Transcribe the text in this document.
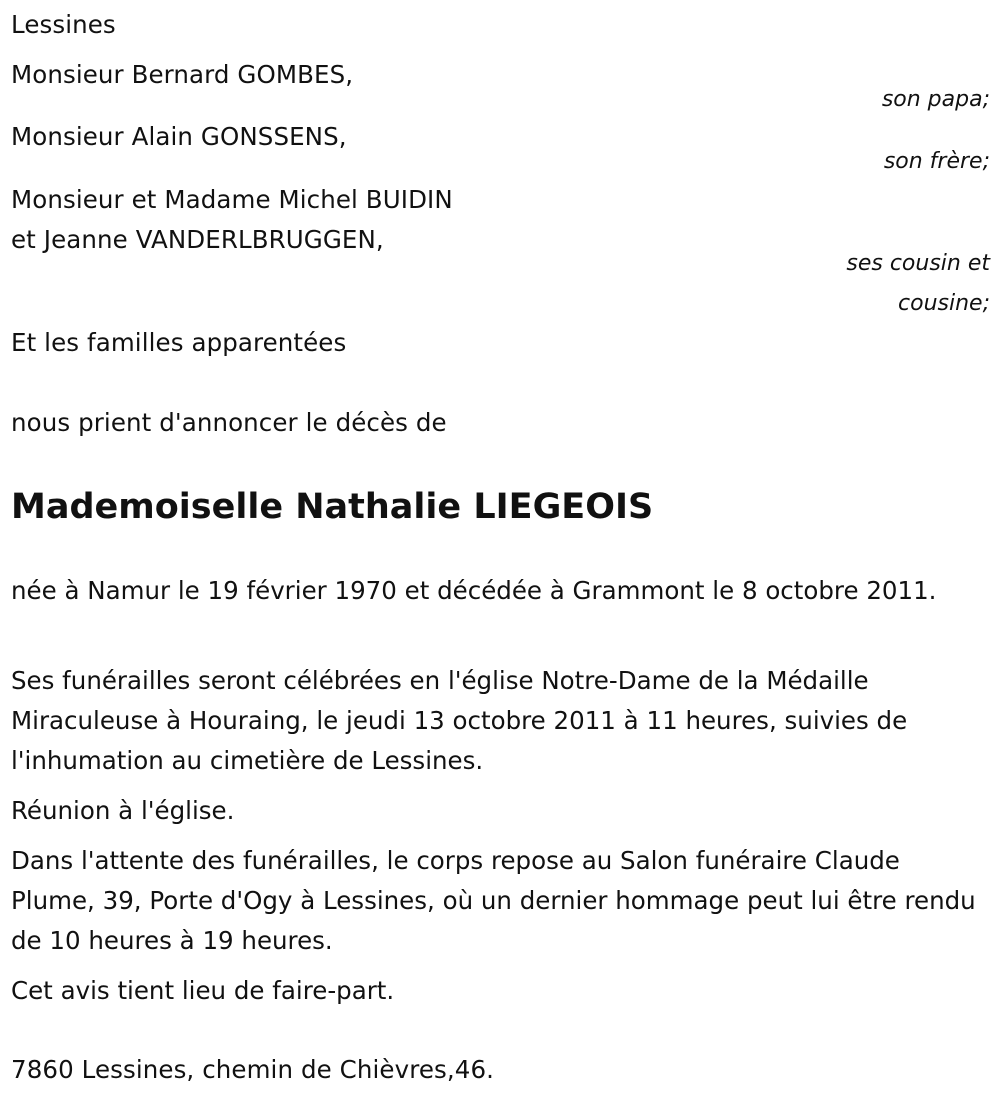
Lessines
Monsieur Bernard GOMBES,
son papa;
Monsieur Alain GONSSENS,
son frère;
Monsieur et Madame Michel BUIDIN
et Jeanne VANDERLBRUGGEN,
ses cousin et
cousine;
Et les familles apparentées
nous prient d'annoncer le décès de
Mademoiselle Nathalie LIEGEOIS
née à Namur le 19 février 1970 et décédée à Grammont le 8 octobre 2011.
Ses funérailles seront célébrées en l'église Notre-Dame de la Médaille Miraculeuse à Houraing, le jeudi 13 octobre 2011 à 11 heures, suivies de l'inhumation au cimetière de Lessines.
Réunion à l'église.
Dans l'attente des funérailles, le corps repose au Salon funéraire Claude Plume, 39, Porte d'Ogy à Lessines, où un dernier hommage peut lui être rendu de 10 heures à 19 heures.
Cet avis tient lieu de faire-part.
7860 Lessines, chemin de Chièvres,46.
